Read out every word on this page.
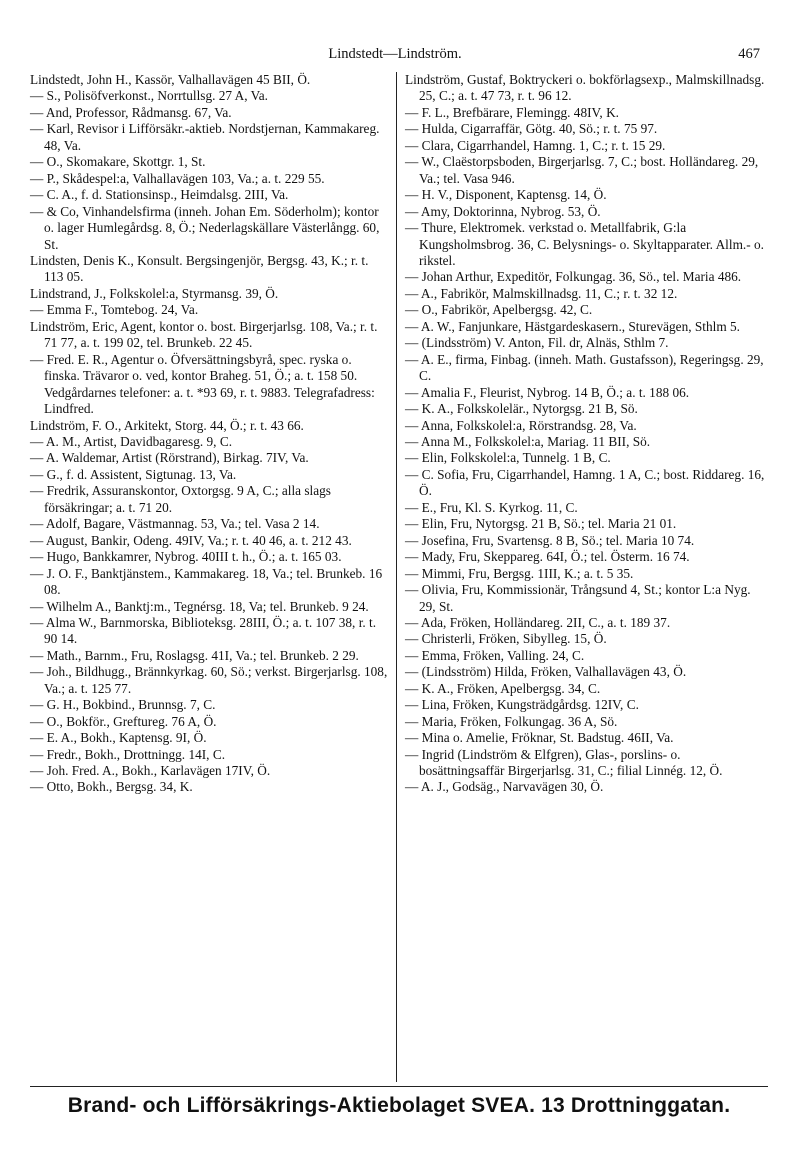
Lindstedt—Lindström.	467

Lindstedt, John H., Kassör, Valhallavägen 45 BII, Ö.

— S., Polisöfverkonst., Norrtullsg. 27 A, Va.

— And, Professor, Rådmansg. 67, Va.

— Karl, Revisor i Lifförsäkr.-aktieb. Nordstjernan, Kammakareg. 48, Va.

— O., Skomakare, Skottgr. 1, St.

— P., Skådespel:a, Valhallavägen 103, Va.; a. t. 229 55.

— C. A., f. d. Stationsinsp., Heimdalsg. 2III, Va.

— & Co, Vinhandelsfirma (inneh. Johan Em. Söderholm); kontor o. lager Humlegårdsg. 8, Ö.; Nederlagskällare Västerlångg. 60, St.

Lindsten, Denis K., Konsult. Bergsingenjör, Bergsg. 43, K.; r. t. 113 05.

Lindstrand, J., Folkskolel:a, Styrmansg. 39, Ö.

— Emma F., Tomtebog. 24, Va.

Lindström, Eric, Agent, kontor o. bost. Birgerjarlsg. 108, Va.; r. t. 71 77, a. t. 199 02, tel. Brunkeb. 22 45.

— Fred. E. R., Agentur o. Öfversättningsbyrå, spec. ryska o. finska. Trävaror o. ved, kontor Braheg. 51, Ö.; a. t. 158 50. Vedgårdarnes telefoner: a. t. *93 69, r. t. 9883. Telegrafadress: Lindfred.

Lindström, F. O., Arkitekt, Storg. 44, Ö.; r. t. 43 66.

— A. M., Artist, Davidbagaresg. 9, C.

— A. Waldemar, Artist (Rörstrand), Birkag. 7IV, Va.

— G., f. d. Assistent, Sigtunag. 13, Va.

— Fredrik, Assuranskontor, Oxtorgsg. 9 A, C.; alla slags försäkringar; a. t. 71 20.

— Adolf, Bagare, Västmannag. 53, Va.; tel. Vasa 2 14.

— August, Bankir, Odeng. 49IV, Va.; r. t. 40 46, a. t. 212 43.

— Hugo, Bankkamrer, Nybrog. 40III t. h., Ö.; a. t. 165 03.

— J. O. F., Banktjänstem., Kammakareg. 18, Va.; tel. Brunkeb. 16 08.

— Wilhelm A., Banktj:m., Tegnérsg. 18, Va; tel. Brunkeb. 9 24.

— Alma W., Barnmorska, Biblioteksg. 28III, Ö.; a. t. 107 38, r. t. 90 14.

— Math., Barnm., Fru, Roslagsg. 41I, Va.; tel. Brunkeb. 2 29.

— Joh., Bildhugg., Brännkyrkag. 60, Sö.; verkst. Birgerjarlsg. 108, Va.; a. t. 125 77.

— G. H., Bokbind., Brunnsg. 7, C.

— O., Bokför., Greftureg. 76 A, Ö.

— E. A., Bokh., Kaptensg. 9I, Ö.

— Fredr., Bokh., Drottningg. 14I, C.

— Joh. Fred. A., Bokh., Karlavägen 17IV, Ö.

— Otto, Bokh., Bergsg. 34, K.

Lindström, Gustaf, Boktryckeri o. bokförlagsexp., Malmskillnadsg. 25, C.; a. t. 47 73, r. t. 96 12.

— F. L., Brefbärare, Flemingg. 48IV, K.

— Hulda, Cigarraffär, Götg. 40, Sö.; r. t. 75 97.

— Clara, Cigarrhandel, Hamng. 1, C.; r. t. 15 29.

— W., Claëstorpsboden, Birgerjarlsg. 7, C.; bost. Holländareg. 29, Va.; tel. Vasa 946.

— H. V., Disponent, Kaptensg. 14, Ö.

— Amy, Doktorinna, Nybrog. 53, Ö.

— Thure, Elektromek. verkstad o. Metallfabrik, G:la Kungsholmsbrog. 36, C. Belysnings- o. Skyltapparater. Allm.- o. rikstel.

— Johan Arthur, Expeditör, Folkungag. 36, Sö., tel. Maria 486.

— A., Fabrikör, Malmskillnadsg. 11, C.; r. t. 32 12.

— O., Fabrikör, Apelbergsg. 42, C.

— A. W., Fanjunkare, Hästgardeskasern., Sturevägen, Sthlm 5.

— (Lindsström) V. Anton, Fil. dr, Alnäs, Sthlm 7.

— A. E., firma, Finbag. (inneh. Math. Gustafsson), Regeringsg. 29, C.

— Amalia F., Fleurist, Nybrog. 14 B, Ö.; a. t. 188 06.

— K. A., Folkskolelär., Nytorgsg. 21 B, Sö.

— Anna, Folkskolel:a, Rörstrandsg. 28, Va.

— Anna M., Folkskolel:a, Mariag. 11 BII, Sö.

— Elin, Folkskolel:a, Tunnelg. 1 B, C.

— C. Sofia, Fru, Cigarrhandel, Hamng. 1 A, C.; bost. Riddareg. 16, Ö.

— E., Fru, Kl. S. Kyrkog. 11, C.

— Elin, Fru, Nytorgsg. 21 B, Sö.; tel. Maria 21 01.

— Josefina, Fru, Svartensg. 8 B, Sö.; tel. Maria 10 74.

— Mady, Fru, Skeppareg. 64I, Ö.; tel. Österm. 16 74.

— Mimmi, Fru, Bergsg. 1III, K.; a. t. 5 35.

— Olivia, Fru, Kommissionär, Trångsund 4, St.; kontor L:a Nyg. 29, St.

— Ada, Fröken, Holländareg. 2II, C., a. t. 189 37.

— Christerli, Fröken, Sibylleg. 15, Ö.

— Emma, Fröken, Valling. 24, C.

— (Lindsström) Hilda, Fröken, Valhallavägen 43, Ö.

— K. A., Fröken, Apelbergsg. 34, C.

— Lina, Fröken, Kungsträdgårdsg. 12IV, C.

— Maria, Fröken, Folkungag. 36 A, Sö.

— Mina o. Amelie, Fröknar, St. Badstug. 46II, Va.

— Ingrid (Lindström & Elfgren), Glas-, porslins- o. bosättningsaffär Birgerjarlsg. 31, C.; filial Linnég. 12, Ö.

— A. J., Godsäg., Narvavägen 30, Ö.

Brand- och Lifförsäkrings-Aktiebolaget SVEA. 13 Drottninggatan.
